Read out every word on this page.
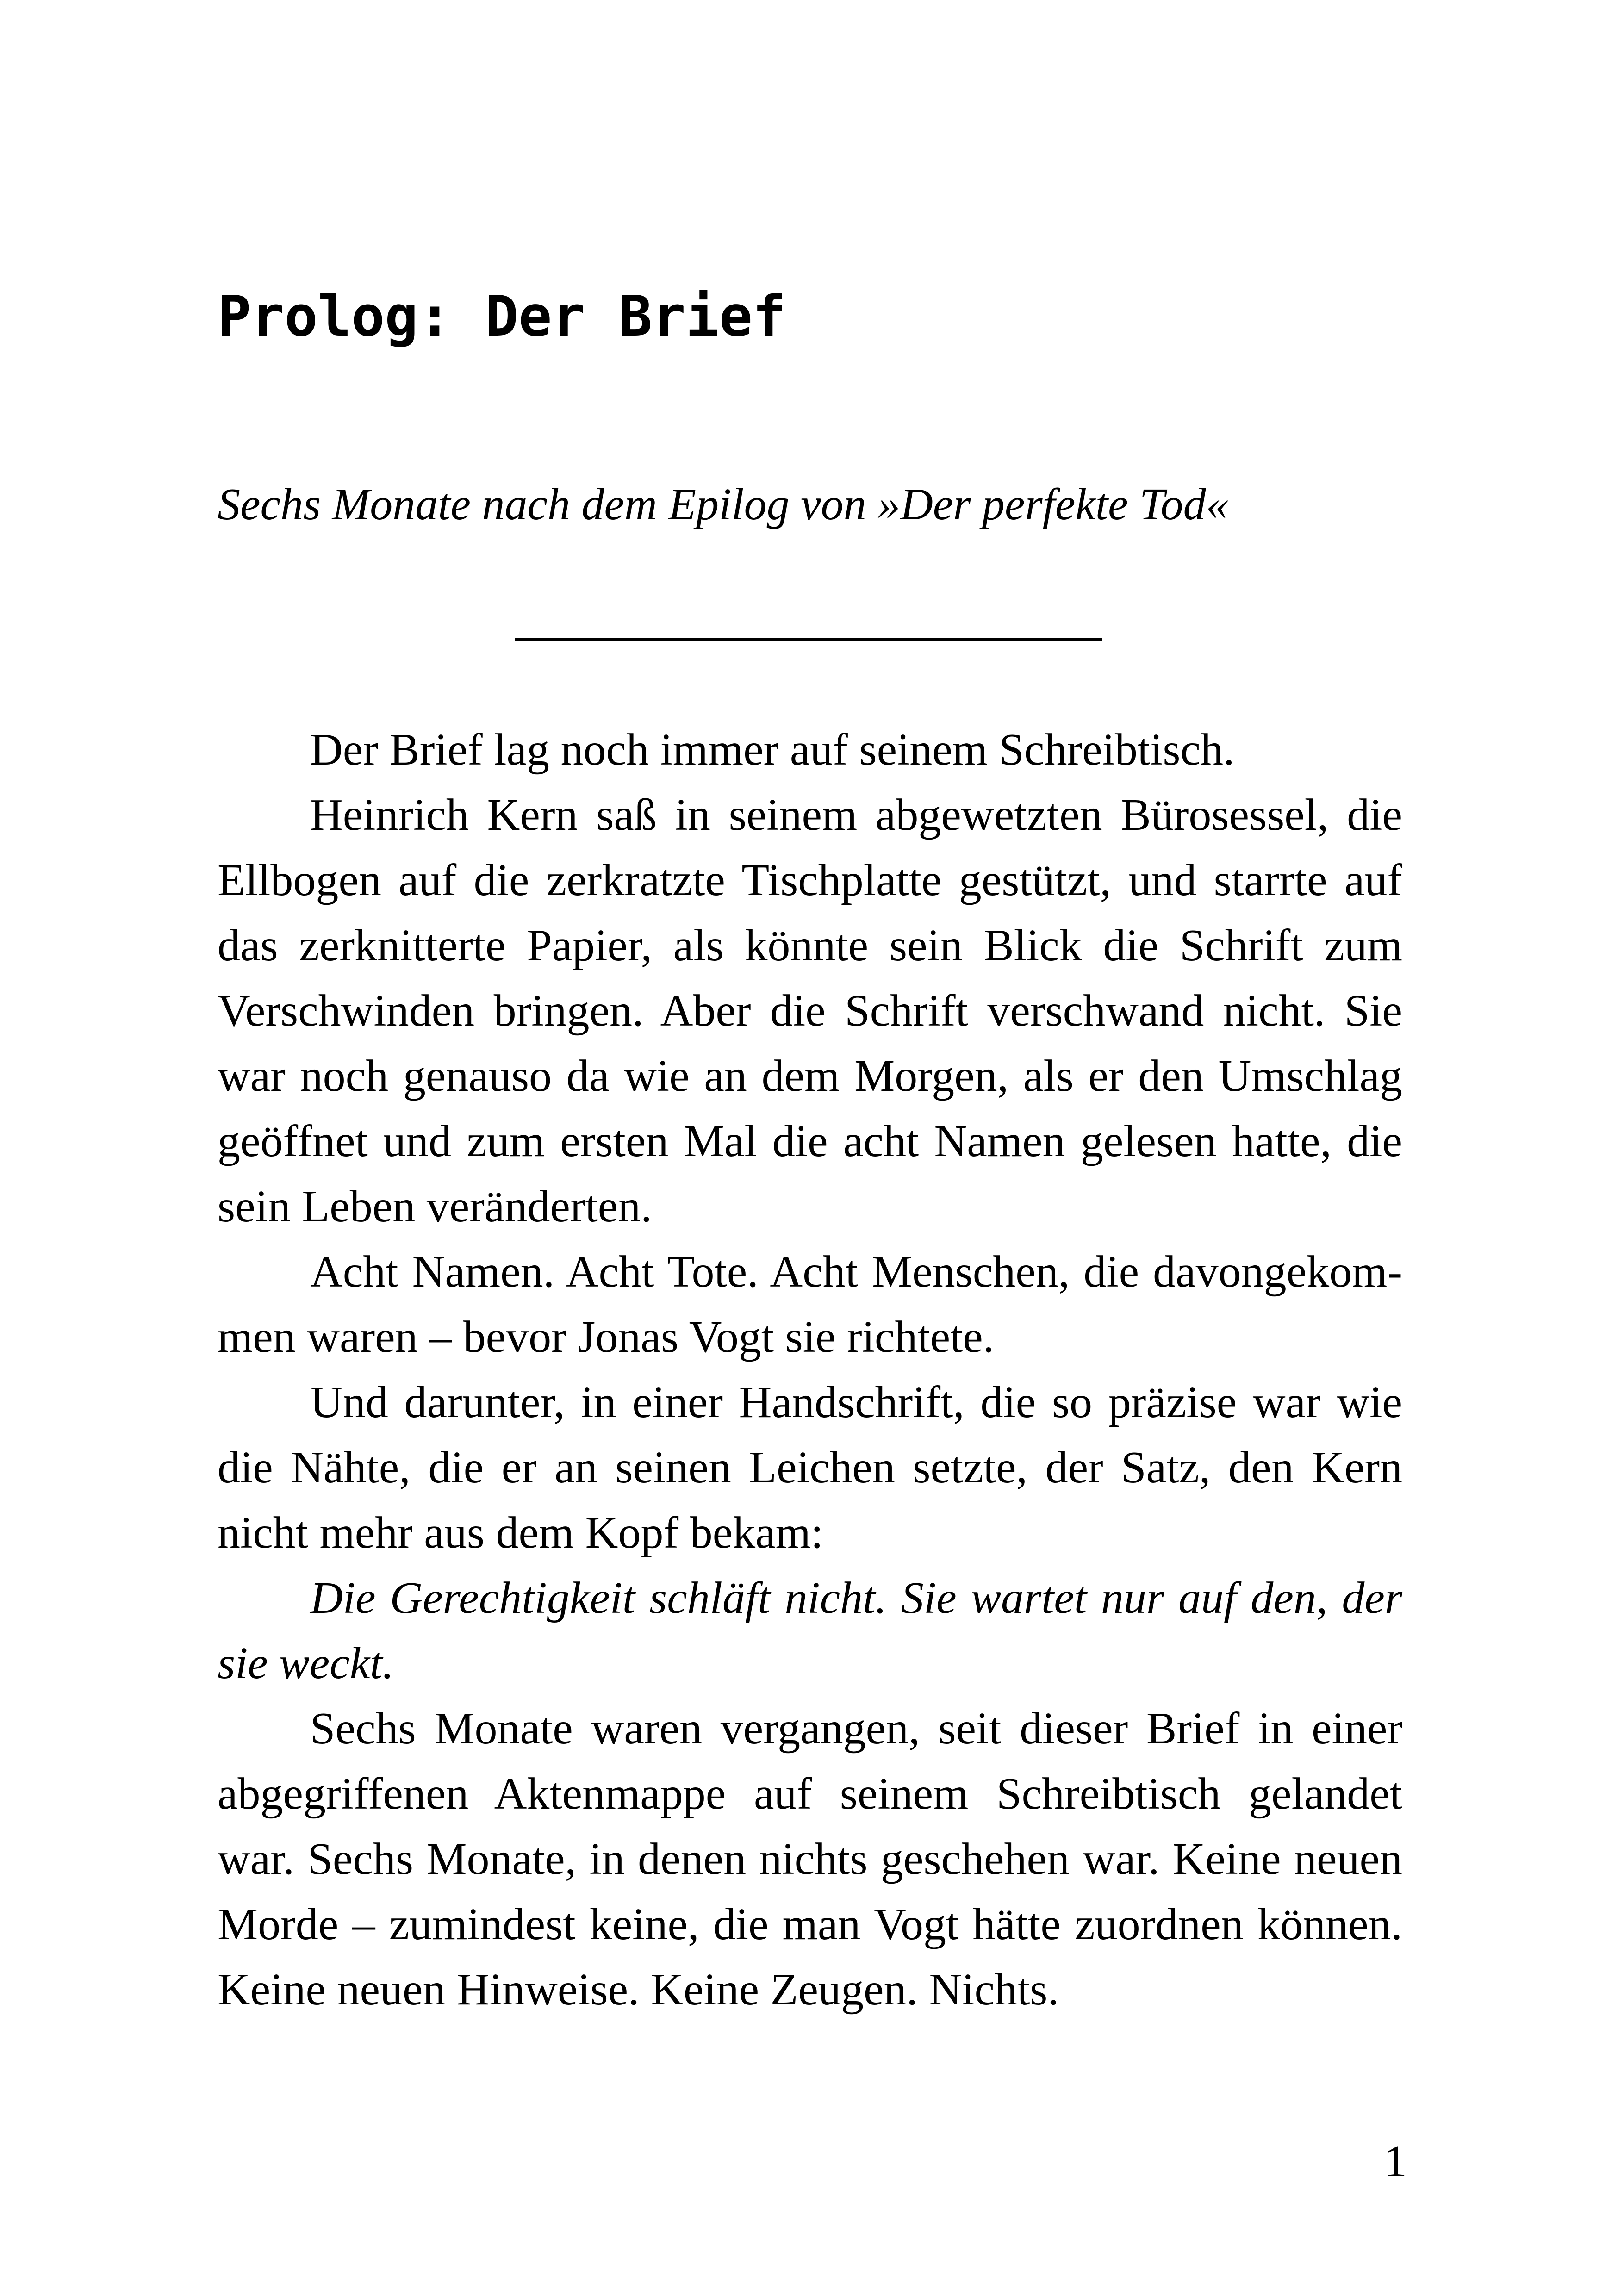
Prolog: Der Brief

Sechs Monate nach dem Epilog von »Der perfekte Tod«

Der Brief lag noch immer auf seinem Schreibtisch.

Heinrich Kern saß in seinem abgewetzten Bürosessel, die Ellbogen auf die zerkratzte Tischplatte gestützt, und starrte auf das zerknitterte Papier, als könnte sein Blick die Schrift zum Verschwinden bringen. Aber die Schrift verschwand nicht. Sie war noch genauso da wie an dem Morgen, als er den Umschlag geöffnet und zum ersten Mal die acht Namen gelesen hatte, die sein Leben veränderten.

Acht Namen. Acht Tote. Acht Menschen, die davongekommen waren – bevor Jonas Vogt sie richtete.

Und darunter, in einer Handschrift, die so präzise war wie die Nähte, die er an seinen Leichen setzte, der Satz, den Kern nicht mehr aus dem Kopf bekam:

Die Gerechtigkeit schläft nicht. Sie wartet nur auf den, der sie weckt.

Sechs Monate waren vergangen, seit dieser Brief in einer abgegriffenen Aktenmappe auf seinem Schreibtisch gelandet war. Sechs Monate, in denen nichts geschehen war. Keine neuen Morde – zumindest keine, die man Vogt hätte zuordnen können. Keine neuen Hinweise. Keine Zeugen. Nichts.

1
